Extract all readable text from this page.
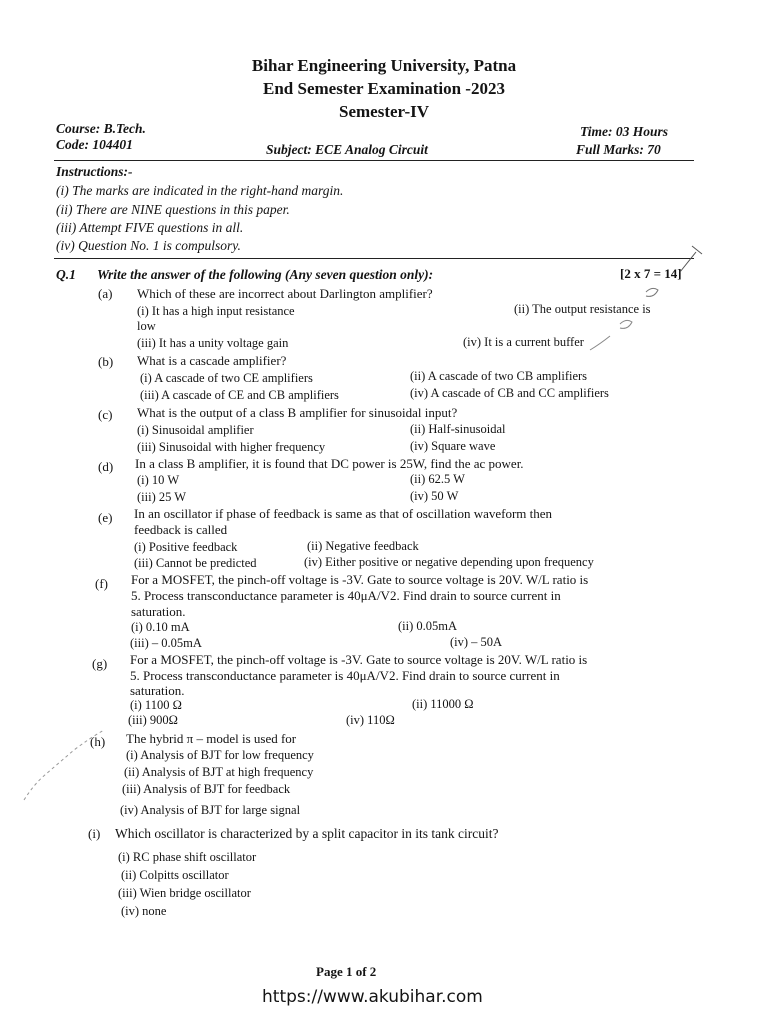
Bihar Engineering University, Patna
End Semester Examination -2023
Semester-IV
Course: B.Tech.
Code: 104401	Subject: ECE Analog Circuit
Time: 03 Hours
Full Marks: 70
Instructions:-
(i) The marks are indicated in the right-hand margin.
(ii) There are NINE questions in this paper.
(iii) Attempt FIVE questions in all.
(iv) Question No. 1 is compulsory.
Q.1 Write the answer of the following (Any seven question only):	[2 x 7 = 14]
(a) Which of these are incorrect about Darlington amplifier?
(i) It has a high input resistance	(ii) The output resistance is
low
(iii) It has a unity voltage gain	(iv) It is a current buffer
(b) What is a cascade amplifier?
(i) A cascade of two CE amplifiers	(ii) A cascade of two CB amplifiers
(iii) A cascade of CE and CB amplifiers	(iv) A cascade of CB and CC amplifiers
(c) What is the output of a class B amplifier for sinusoidal input?
(i) Sinusoidal amplifier	(ii) Half-sinusoidal
(iii) Sinusoidal with higher frequency	(iv) Square wave
(d) In a class B amplifier, it is found that DC power is 25W, find the ac power.
(i) 10 W	(ii) 62.5 W
(iii) 25 W	(iv) 50 W
(e) In an oscillator if phase of feedback is same as that of oscillation waveform then
feedback is called
(i) Positive feedback	(ii) Negative feedback
(iii) Cannot be predicted	(iv) Either positive or negative depending upon frequency
(f) For a MOSFET, the pinch-off voltage is -3V. Gate to source voltage is 20V. W/L ratio is
5. Process transconductance parameter is 40μA/V2. Find drain to source current in
saturation.
(i) 0.10 mA	(ii) 0.05mA
(iii) – 0.05mA	(iv) – 50A
(g) For a MOSFET, the pinch-off voltage is -3V. Gate to source voltage is 20V. W/L ratio is
5. Process transconductance parameter is 40μA/V2. Find drain to source current in
saturation.
(i) 1100 Ω	(ii) 11000 Ω
(iii) 900Ω	(iv) 110Ω
(h) The hybrid π – model is used for
(i) Analysis of BJT for low frequency
(ii) Analysis of BJT at high frequency
(iii) Analysis of BJT for feedback
(iv) Analysis of BJT for large signal
(i) Which oscillator is characterized by a split capacitor in its tank circuit?
(i) RC phase shift oscillator
(ii) Colpitts oscillator
(iii) Wien bridge oscillator
(iv) none
Page 1 of 2
https://www.akubihar.com
